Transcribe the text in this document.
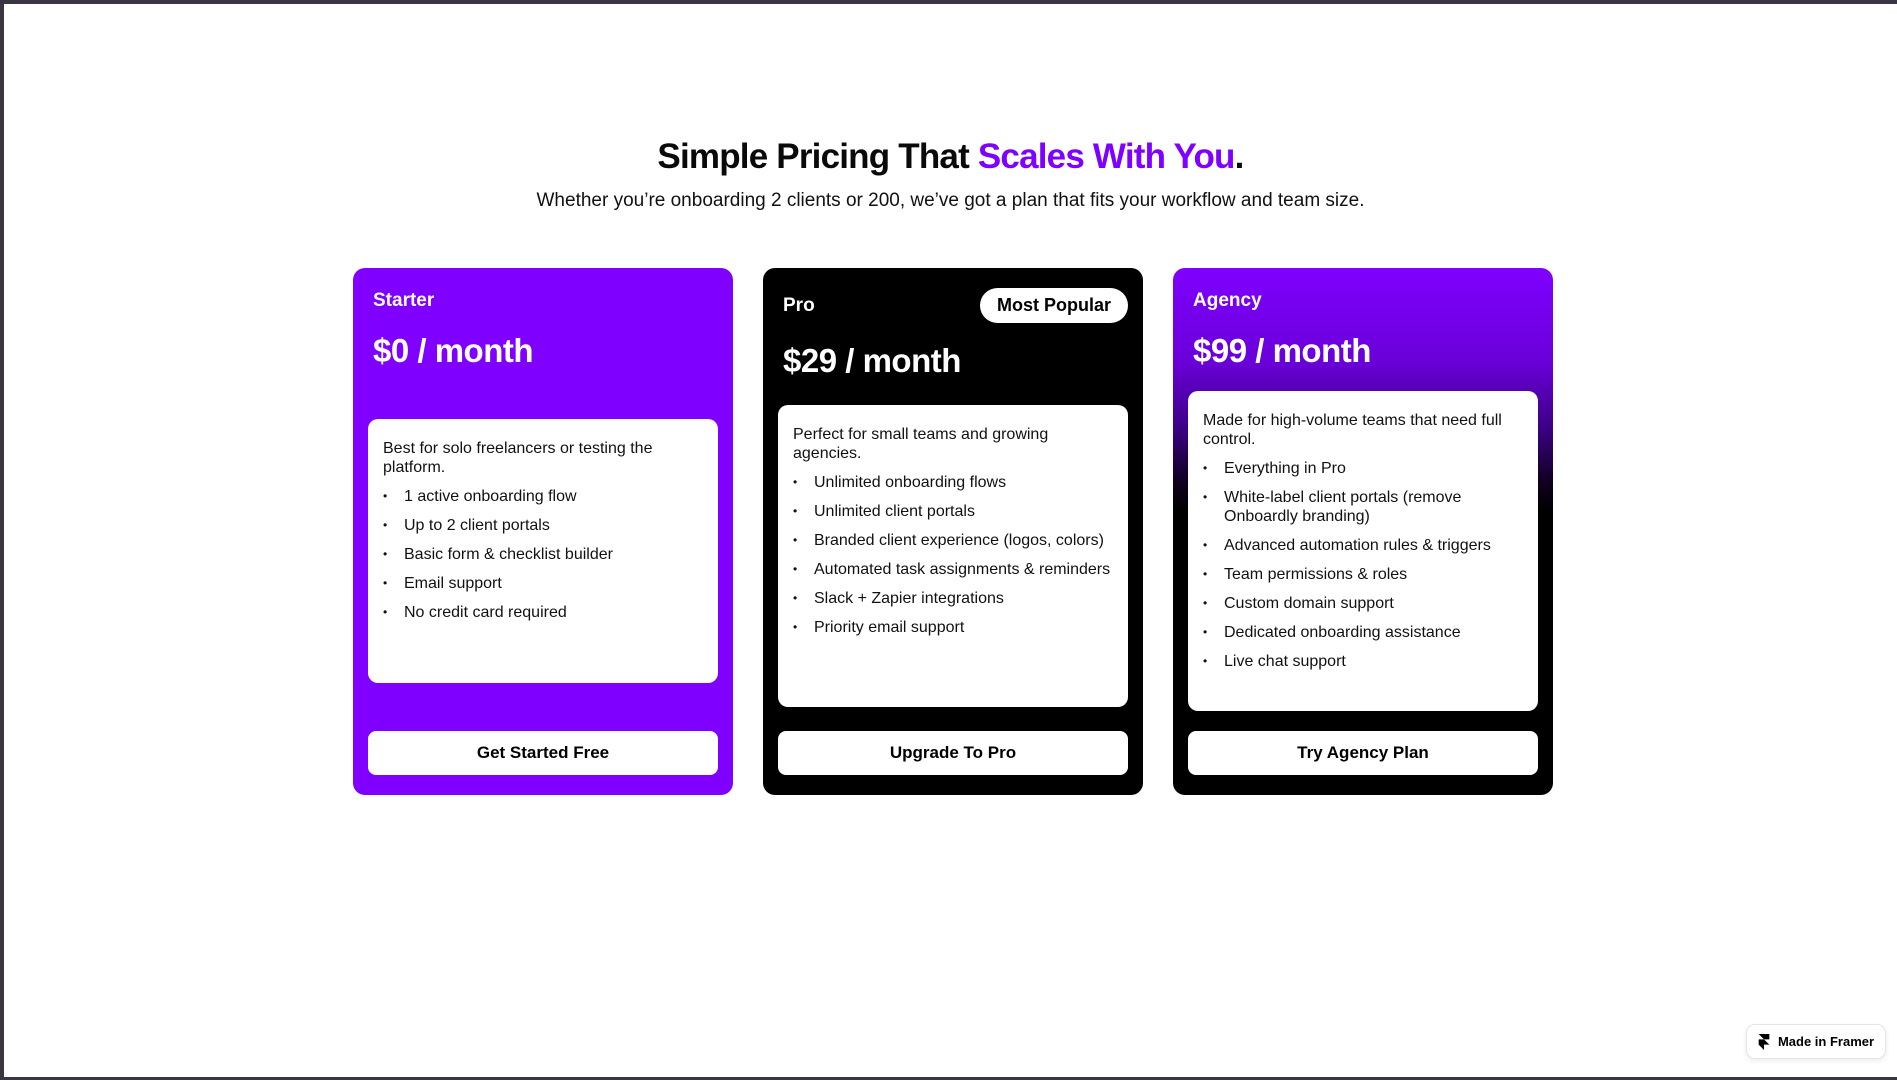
Simple Pricing That Scales With You.

Whether you’re onboarding 2 clients or 200, we’ve got a plan that fits your workflow and team size.

Starter
$0 / month

Best for solo freelancers or testing the platform.

• 1 active onboarding flow
• Up to 2 client portals
• Basic form & checklist builder
• Email support
• No credit card required
Get Started Free
Pro	Most Popular
$29 / month

Perfect for small teams and growing agencies.

• Unlimited onboarding flows
• Unlimited client portals
• Branded client experience (logos, colors)
• Automated task assignments & reminders
• Slack + Zapier integrations
• Priority email support
Upgrade To Pro
Agency
$99 / month

Made for high-volume teams that need full control.

• Everything in Pro
• White-label client portals (remove Onboardly branding)
• Advanced automation rules & triggers
• Team permissions & roles
• Custom domain support
• Dedicated onboarding assistance
• Live chat support
Try Agency Plan
Made in Framer
